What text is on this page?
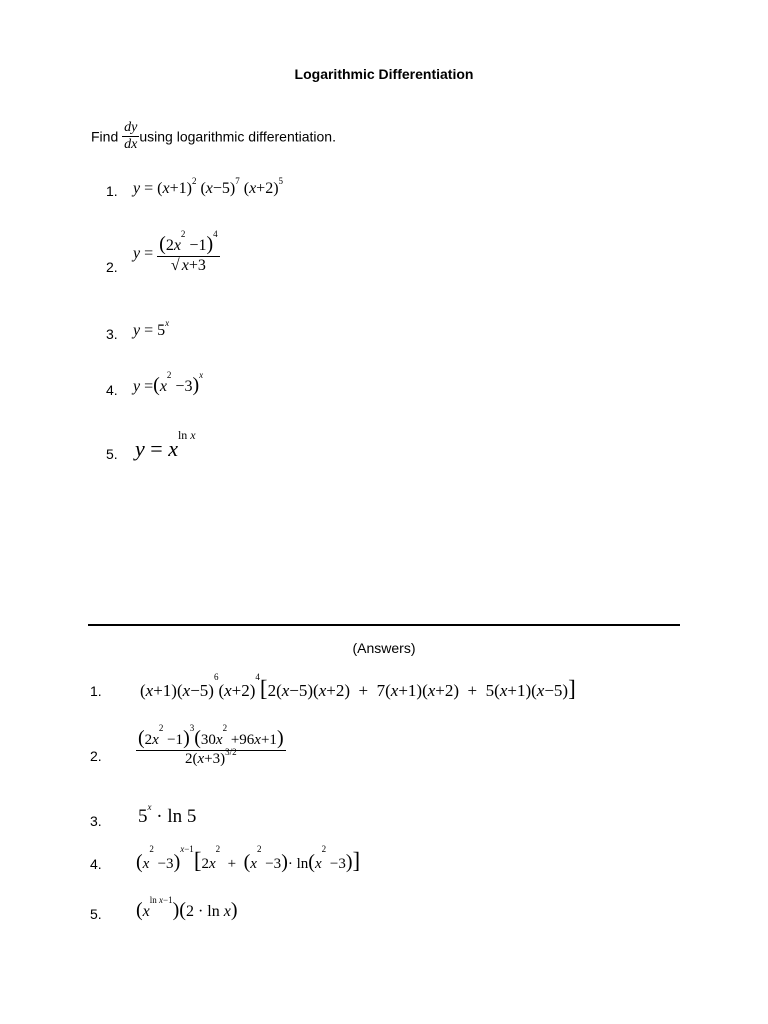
Logarithmic Differentiation
Find $\frac{dy}{dx}$ using logarithmic differentiation.
1. $y = (x+1)^2$ $(x-5)^7$ $(x+2)^5$
2.
$y = \frac{(2x^2 -1)^4}{√ x+3}$
3. $y = 5^x$
4. $y =(x^2 -3)^x$
5. $y = x^{ln x}$
(Answers)
1. $(x+1)(x-5)^6(x+2)^4[2(x-5)(x+2) + 7(x+1)(x+2) + 5(x+1)(x-5)]$
2. $\frac{(2x^2 -1)^3(30x^2 +96x+1)}{2(x+3)^{3/2}}$
3. $5^x \cdot \ln 5$
4. $(x^2 -3)^{x-1}[2x^2 + (x^2 -3)\cdot \ln(x^2 -3)]$
5. $(x^{ln x-1})(2 \cdot \ln x)$
